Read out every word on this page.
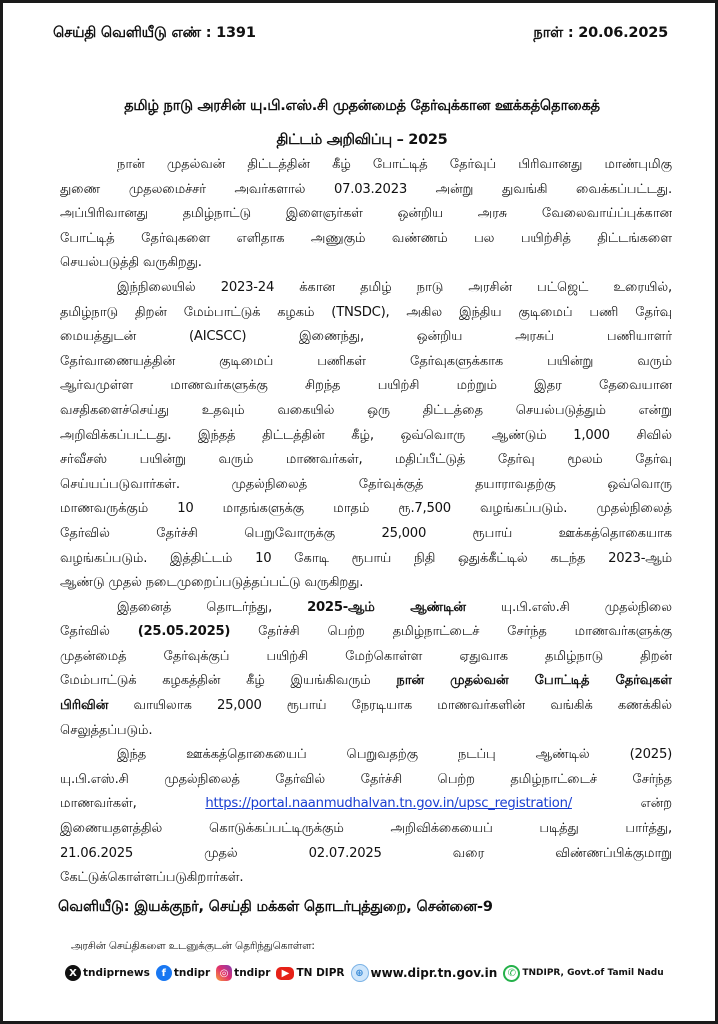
செய்தி வெளியீடு எண் : 1391	நாள் : 20.06.2025
தமிழ் நாடு அரசின் யு.பி.எஸ்.சி முதன்மைத் தேர்வுக்கான ஊக்கத்தொகைத்
திட்டம் அறிவிப்பு – 2025
நான் முதல்வன் திட்டத்தின் கீழ் போட்டித் தேர்வுப் பிரிவானது மாண்புமிகு
துணை முதலமைச்சர் அவர்களால் 07.03.2023 அன்று துவங்கி வைக்கப்பட்டது.
அப்பிரிவானது தமிழ்நாட்டு இளைஞர்கள் ஒன்றிய அரசு வேலைவாய்ப்புக்கான
போட்டித் தேர்வுகளை எளிதாக அணுகும் வண்ணம் பல பயிற்சித் திட்டங்களை
செயல்படுத்தி வருகிறது.
இந்நிலையில் 2023-24 க்கான தமிழ் நாடு அரசின் பட்ஜெட் உரையில்,
தமிழ்நாடு திறன் மேம்பாட்டுக் கழகம் (TNSDC), அகில இந்திய குடிமைப் பணி தேர்வு
மையத்துடன் (AICSCC) இணைந்து, ஒன்றிய அரசுப் பணியாளர்
தேர்வாணையத்தின் குடிமைப் பணிகள் தேர்வுகளுக்காக பயின்று வரும்
ஆர்வமுள்ள மாணவர்களுக்கு சிறந்த பயிற்சி மற்றும் இதர தேவையான
வசதிகளைச்செய்து உதவும் வகையில் ஒரு திட்டத்தை செயல்படுத்தும் என்று
அறிவிக்கப்பட்டது. இந்தத் திட்டத்தின் கீழ், ஒவ்வொரு ஆண்டும் 1,000 சிவில்
சர்வீசஸ் பயின்று வரும் மாணவர்கள், மதிப்பீட்டுத் தேர்வு மூலம் தேர்வு
செய்யப்படுவார்கள். முதல்நிலைத் தேர்வுக்குத் தயாராவதற்கு ஒவ்வொரு
மாணவருக்கும் 10 மாதங்களுக்கு மாதம் ரூ.7,500 வழங்கப்படும். முதல்நிலைத்
தேர்வில் தேர்ச்சி பெறுவோருக்கு 25,000 ரூபாய் ஊக்கத்தொகையாக
வழங்கப்படும். இத்திட்டம் 10 கோடி ரூபாய் நிதி ஒதுக்கீட்டில் கடந்த 2023-ஆம்
ஆண்டு முதல் நடைமுறைப்படுத்தப்பட்டு வருகிறது.
இதனைத் தொடர்ந்து, 2025-ஆம் ஆண்டின் யு.பி.எஸ்.சி முதல்நிலை
தேர்வில் (25.05.2025) தேர்ச்சி பெற்ற தமிழ்நாட்டைச் சேர்ந்த மாணவர்களுக்கு
முதன்மைத் தேர்வுக்குப் பயிற்சி மேற்கொள்ள ஏதுவாக தமிழ்நாடு திறன்
மேம்பாட்டுக் கழகத்தின் கீழ் இயங்கிவரும் நான் முதல்வன் போட்டித் தேர்வுகள்
பிரிவின் வாயிலாக 25,000 ரூபாய் நேரடியாக மாணவர்களின் வங்கிக் கணக்கில்
செலுத்தப்படும்.
இந்த ஊக்கத்தொகையைப் பெறுவதற்கு நடப்பு ஆண்டில் (2025)
யு.பி.எஸ்.சி முதல்நிலைத் தேர்வில் தேர்ச்சி பெற்ற தமிழ்நாட்டைச் சேர்ந்த
மாணவர்கள்,	https://portal.naanmudhalvan.tn.gov.in/upsc_registration/	என்ற
இணையதளத்தில் கொடுக்கப்பட்டிருக்கும் அறிவிக்கையைப் படித்து பார்த்து,
21.06.2025 முதல் 02.07.2025 வரை விண்ணப்பிக்குமாறு
கேட்டுக்கொள்ளப்படுகிறார்கள்.
வெளியீடு: இயக்குநர், செய்தி மக்கள் தொடர்புத்துறை, சென்னை-9
அரசின் செய்திகளை உடனுக்குடன் தெரிந்துகொள்ள:
X tndiprnews	f tndipr ◎ tndipr	▶ TN DIPR	⊕ www.dipr.tn.gov.in	✆ TNDIPR, Govt.of Tamil Nadu
